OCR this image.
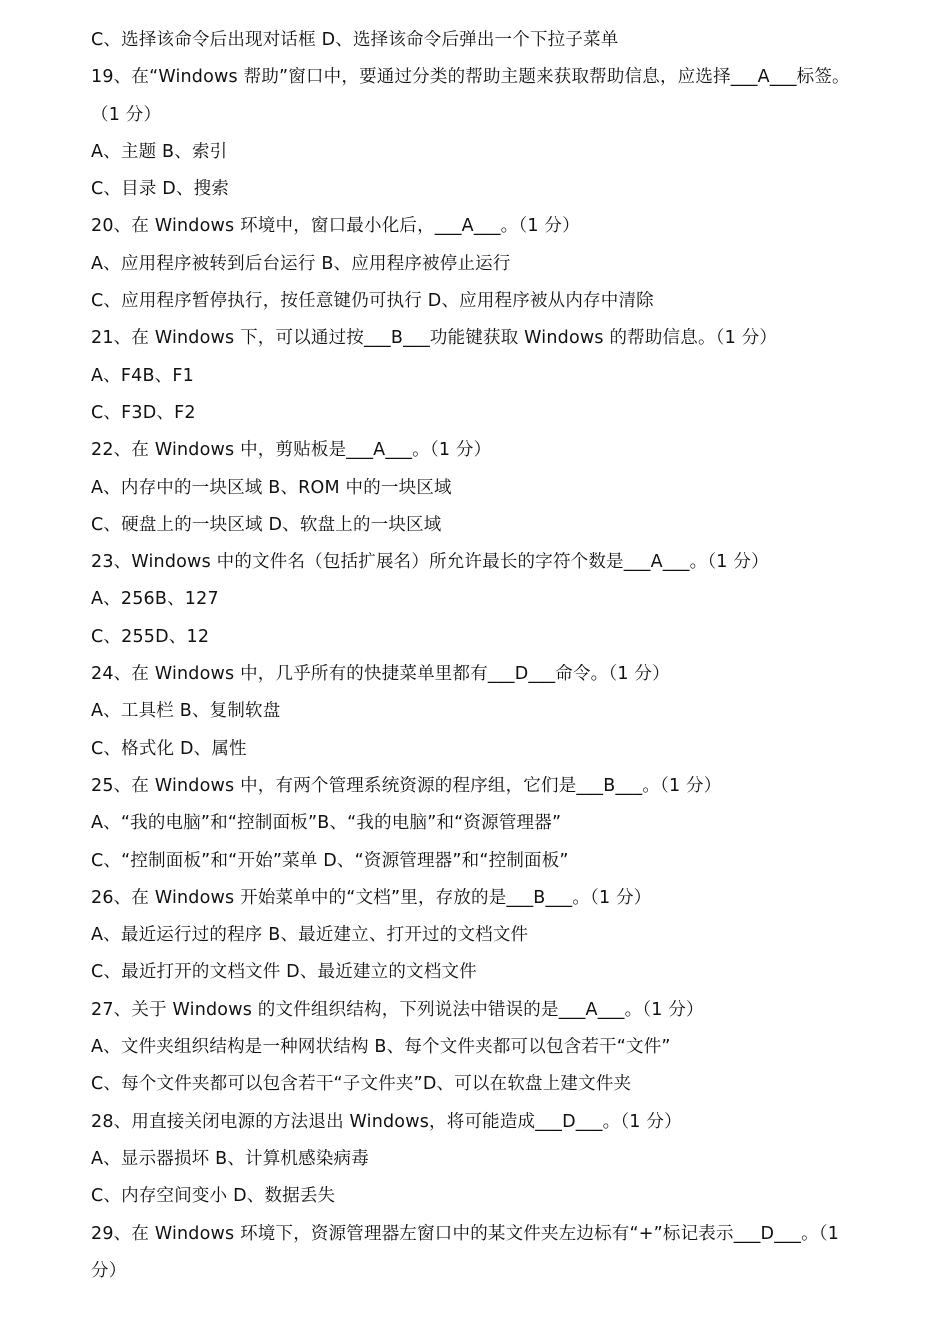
C、选择该命令后出现对话框 D、选择该命令后弹出一个下拉子菜单
19、在“Windows 帮助”窗口中，要通过分类的帮助主题来获取帮助信息，应选择___A___标签。（1 分）
A、主题 B、索引
C、目录 D、搜索
20、在 Windows 环境中，窗口最小化后，___A___。（1 分）
A、应用程序被转到后台运行 B、应用程序被停止运行
C、应用程序暂停执行，按任意键仍可执行 D、应用程序被从内存中清除
21、在 Windows 下，可以通过按___B___功能键获取 Windows 的帮助信息。（1 分）
A、F4B、F1
C、F3D、F2
22、在 Windows 中，剪贴板是___A___。（1 分）
A、内存中的一块区域 B、ROM 中的一块区域
C、硬盘上的一块区域 D、软盘上的一块区域
23、Windows 中的文件名（包括扩展名）所允许最长的字符个数是___A___。（1 分）
A、256B、127
C、255D、12
24、在 Windows 中，几乎所有的快捷菜单里都有___D___命令。（1 分）
A、工具栏 B、复制软盘
C、格式化 D、属性
25、在 Windows 中，有两个管理系统资源的程序组，它们是___B___。（1 分）
A、“我的电脑”和“控制面板”B、“我的电脑”和“资源管理器”
C、“控制面板”和“开始”菜单 D、“资源管理器”和“控制面板”
26、在 Windows 开始菜单中的“文档”里，存放的是___B___。（1 分）
A、最近运行过的程序 B、最近建立、打开过的文档文件
C、最近打开的文档文件 D、最近建立的文档文件
27、关于 Windows 的文件组织结构，下列说法中错误的是___A___。（1 分）
A、文件夹组织结构是一种网状结构 B、每个文件夹都可以包含若干“文件”
C、每个文件夹都可以包含若干“子文件夹”D、可以在软盘上建文件夹
28、用直接关闭电源的方法退出 Windows，将可能造成___D___。（1 分）
A、显示器损坏 B、计算机感染病毒
C、内存空间变小 D、数据丢失
29、在 Windows 环境下，资源管理器左窗口中的某文件夹左边标有“+”标记表示___D___。（1 分）
